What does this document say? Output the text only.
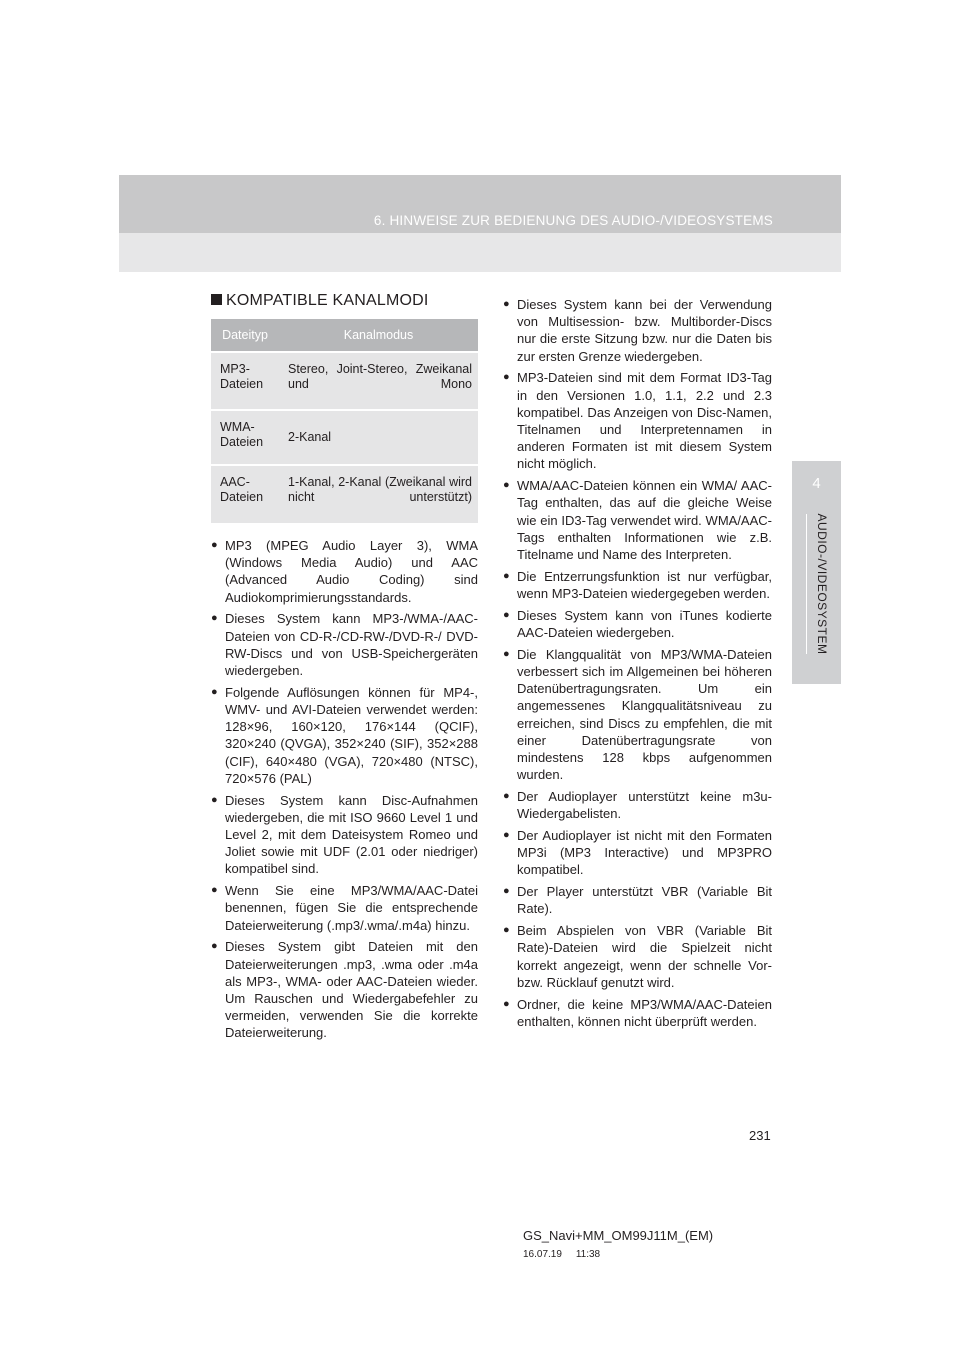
6. HINWEISE ZUR BEDIENUNG DES AUDIO-/VIDEOSYSTEMS
4
AUDIO-/VIDEOSYSTEM
KOMPATIBLE KANALMODI
Dateityp	Kanalmodus
MP3-
Dateien	Stereo, Joint-Stereo, Zweikanal und Mono

WMA-
Dateien	2-Kanal

AAC-
Dateien	1-Kanal, 2-Kanal (Zweikanal wird nicht unterstützt)
● MP3 (MPEG Audio Layer 3), WMA (Windows Media Audio) und AAC (Advanced Audio Coding) sind Audiokomprimierungsstandards.
● Dieses System kann MP3-/WMA-/AAC-Dateien von CD-R-/CD-RW-/DVD-R-/ DVD-RW-Discs und von USB-Speichergeräten wiedergeben.
● Folgende Auflösungen können für MP4-, WMV- und AVI-Dateien verwendet werden: 128×96, 160×120, 176×144 (QCIF), 320×240 (QVGA), 352×240 (SIF), 352×288 (CIF), 640×480 (VGA), 720×480 (NTSC), 720×576 (PAL)
● Dieses System kann Disc-Aufnahmen wiedergeben, die mit ISO 9660 Level 1 und Level 2, mit dem Dateisystem Romeo und Joliet sowie mit UDF (2.01 oder niedriger) kompatibel sind.
● Wenn Sie eine MP3/WMA/AAC-Datei benennen, fügen Sie die entsprechende Dateierweiterung (.mp3/.wma/.m4a) hinzu.
● Dieses System gibt Dateien mit den Dateierweiterungen .mp3, .wma oder .m4a als MP3-, WMA- oder AAC-Dateien wieder. Um Rauschen und Wiedergabefehler zu vermeiden, verwenden Sie die korrekte Dateierweiterung.
● Dieses System kann bei der Verwendung von Multisession- bzw. Multiborder-Discs nur die erste Sitzung bzw. nur die Daten bis zur ersten Grenze wiedergeben.
● MP3-Dateien sind mit dem Format ID3-Tag in den Versionen 1.0, 1.1, 2.2 und 2.3 kompatibel. Das Anzeigen von Disc-Namen, Titelnamen und Interpretennamen in anderen Formaten ist mit diesem System nicht möglich.
● WMA/AAC-Dateien können ein WMA/ AAC-Tag enthalten, das auf die gleiche Weise wie ein ID3-Tag verwendet wird. WMA/AAC-Tags enthalten Informationen wie z.B. Titelname und Name des Interpreten.
● Die Entzerrungsfunktion ist nur verfügbar, wenn MP3-Dateien wiedergegeben werden.
● Dieses System kann von iTunes kodierte AAC-Dateien wiedergeben.
● Die Klangqualität von MP3/WMA-Dateien verbessert sich im Allgemeinen bei höheren Datenübertragungsraten. Um ein angemessenes Klangqualitätsniveau zu erreichen, sind Discs zu empfehlen, die mit einer Datenübertragungsrate von mindestens 128 kbps aufgenommen wurden.
● Der Audioplayer unterstützt keine m3u-Wiedergabelisten.
● Der Audioplayer ist nicht mit den Formaten MP3i (MP3 Interactive) und MP3PRO kompatibel.
● Der Player unterstützt VBR (Variable Bit Rate).
● Beim Abspielen von VBR (Variable Bit Rate)-Dateien wird die Spielzeit nicht korrekt angezeigt, wenn der schnelle Vor- bzw. Rücklauf genutzt wird.
● Ordner, die keine MP3/WMA/AAC-Dateien enthalten, können nicht überprüft werden.
231
GS_Navi+MM_OM99J11M_(EM)
16.07.19     11:38
